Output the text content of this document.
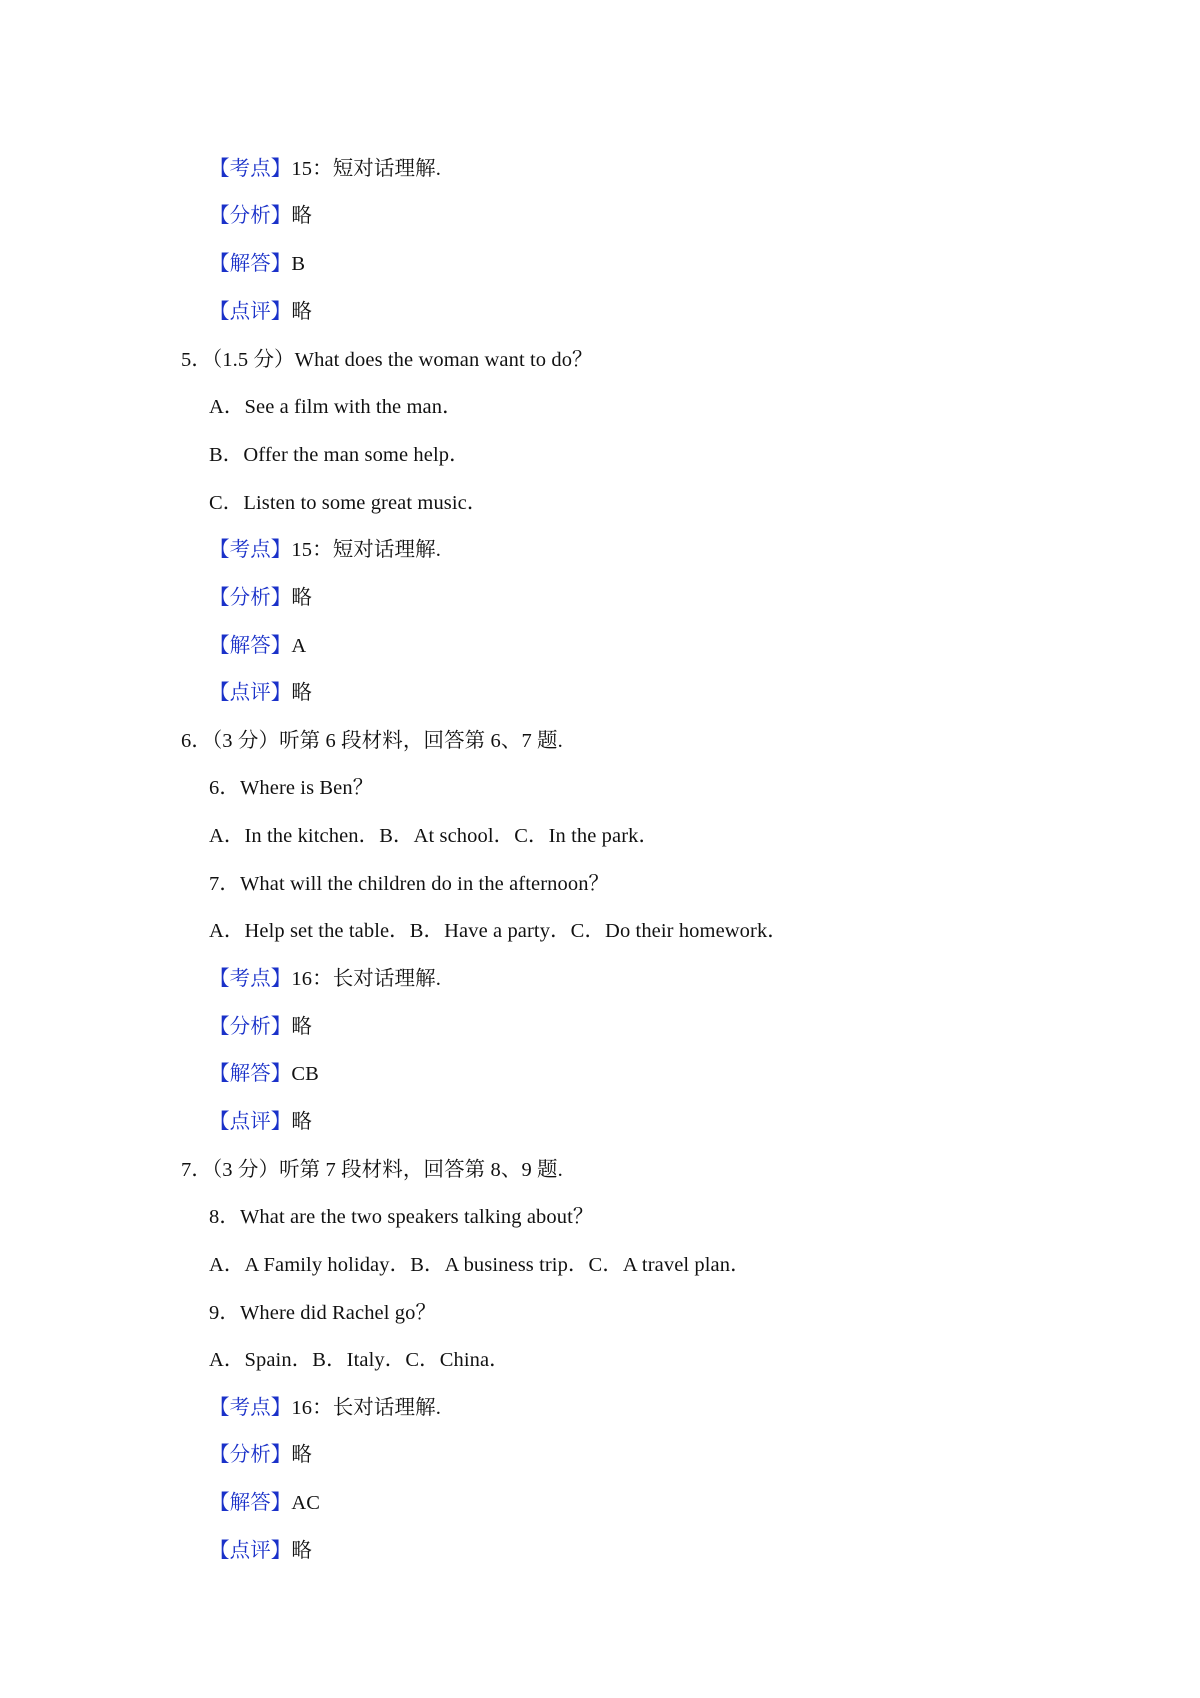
【考点】15：短对话理解.
【分析】略
【解答】B
【点评】略
5．（1.5 分）What does the woman want to do？
A．See a film with the man．
B．Offer the man some help．
C．Listen to some great music．
【考点】15：短对话理解.
【分析】略
【解答】A
【点评】略
6．（3 分）听第 6 段材料，回答第 6、7 题.
6．Where is Ben？
A．In the kitchen．B．At school．C．In the park．
7．What will the children do in the afternoon？
A．Help set the table．B．Have a party．C．Do their homework．
【考点】16：长对话理解.
【分析】略
【解答】CB
【点评】略
7．（3 分）听第 7 段材料，回答第 8、9 题.
8．What are the two speakers talking about？
A．A Family holiday．B．A business trip．C．A travel plan．
9．Where did Rachel go？
A．Spain．B．Italy．C．China．
【考点】16：长对话理解.
【分析】略
【解答】AC
【点评】略
